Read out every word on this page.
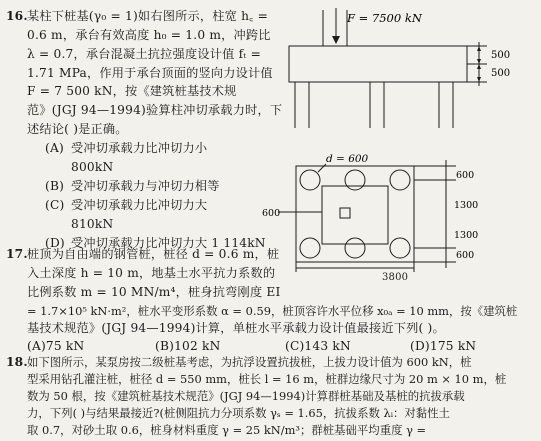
16. 某柱下桩基(γ₀ = 1)如右图所示，柱宽 h꜀ =
0.6 m，承台有效高度 h₀ = 1.0 m，冲跨比
λ = 0.7，承台混凝土抗拉强度设计值 fₜ =
1.71 MPa，作用于承台顶面的竖向力设计值
F = 7 500 kN，按《建筑桩基技术规
范》(JGJ 94—1994)验算柱冲切承载力时，下
述结论( )是正确。
(A) 受冲切承载力比冲切力小
800kN
(B) 受冲切承载力与冲切力相等
(C) 受冲切承载力比冲切力大
810kN
(D) 受冲切承载力比冲切力大 1 114kN
F = 7500 kN
500
500
d = 600
600
1300
1300
600
600
3800
17. 桩顶为自由端的钢管桩，桩径 d = 0.6 m，桩
入土深度 h = 10 m，地基土水平抗力系数的
比例系数 m = 10 MN/m⁴，桩身抗弯刚度 EI
= 1.7×10⁵ kN·m²，桩水平变形系数 α = 0.59，桩顶容许水平位移 x₀ₐ = 10 mm，按《建筑桩
基技术规范》(JGJ 94—1994)计算，单桩水平承载力设计值最接近下列( )。
(A)75 kN	(B)102 kN	(C)143 kN	(D)175 kN
18. 如下图所示，某泵房按二级桩基考虑，为抗浮设置抗拔桩，上拔力设计值为 600 kN，桩
型采用钻孔灌注桩，桩径 d = 550 mm，桩长 l = 16 m，桩群边缘尺寸为 20 m × 10 m，桩
数为 50 根，按《建筑桩基技术规范》(JGJ 94—1994)计算群桩基础及基桩的抗拔承载
力，下列( )与结果最接近?(桩侧阻抗力分项系数 γₛ = 1.65，抗拔系数 λᵢ：对黏性土
取 0.7，对砂土取 0.6，桩身材料重度 γ = 25 kN/m³；群桩基础平均重度 γ =
